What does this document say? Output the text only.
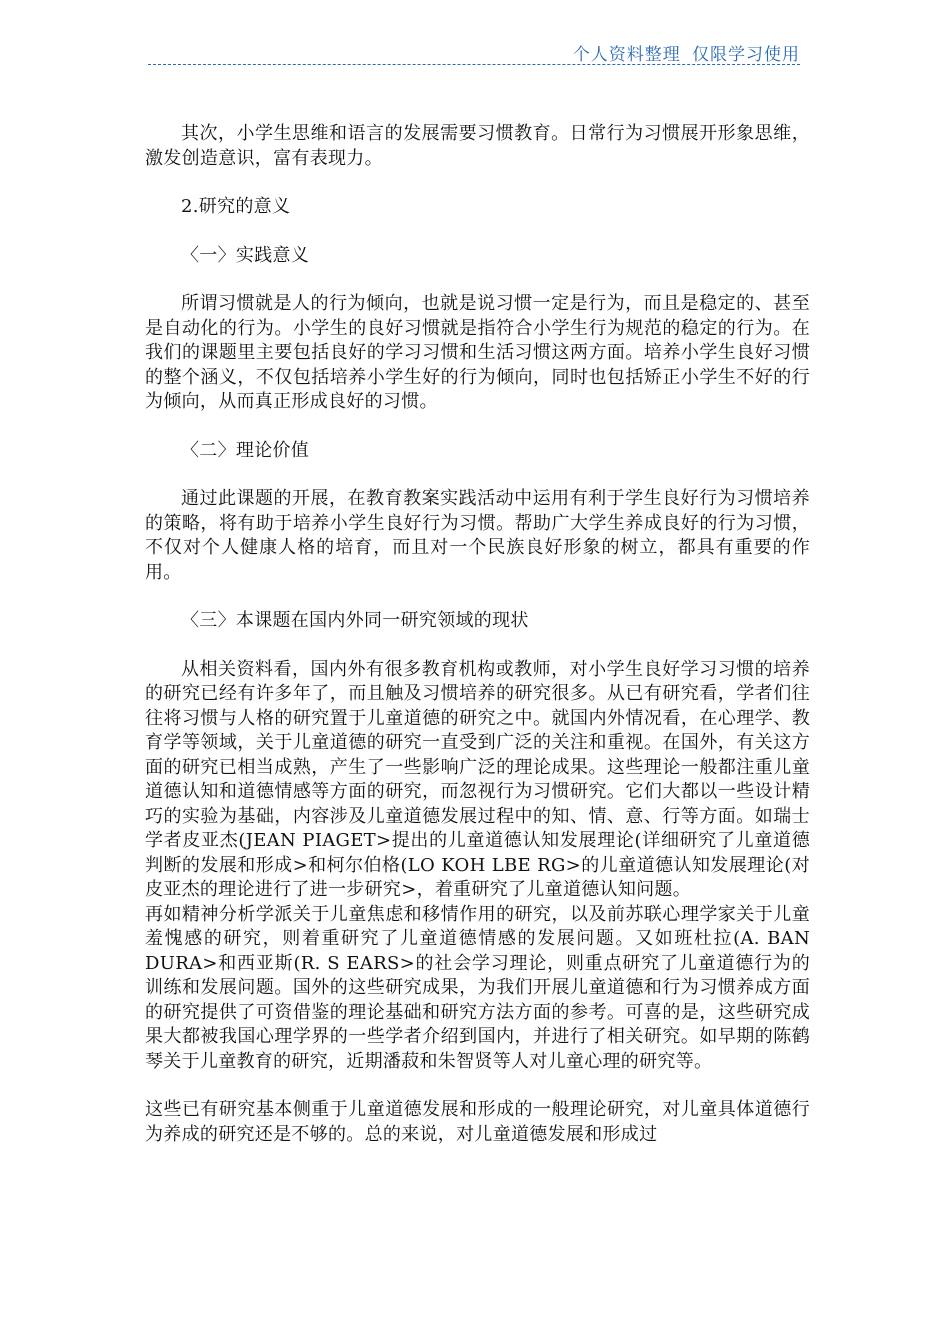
个人资料整理 仅限学习使用

其次，小学生思维和语言的发展需要习惯教育。日常行为习惯展开形象思维，激发创造意识，富有表现力。

2.研究的意义

〈一〉实践意义

所谓习惯就是人的行为倾向，也就是说习惯一定是行为，而且是稳定的、甚至是自动化的行为。小学生的良好习惯就是指符合小学生行为规范的稳定的行为。在我们的课题里主要包括良好的学习习惯和生活习惯这两方面。培养小学生良好习惯的整个涵义，不仅包括培养小学生好的行为倾向，同时也包括矫正小学生不好的行为倾向，从而真正形成良好的习惯。

〈二〉理论价值

通过此课题的开展，在教育教案实践活动中运用有利于学生良好行为习惯培养的策略，将有助于培养小学生良好行为习惯。帮助广大学生养成良好的行为习惯，不仅对个人健康人格的培育，而且对一个民族良好形象的树立，都具有重要的作用。

〈三〉本课题在国内外同一研究领域的现状

从相关资料看，国内外有很多教育机构或教师，对小学生良好学习习惯的培养的研究已经有许多年了，而且触及习惯培养的研究很多。从已有研究看，学者们往往将习惯与人格的研究置于儿童道德的研究之中。就国内外情况看，在心理学、教育学等领域，关于儿童道德的研究一直受到广泛的关注和重视。在国外，有关这方面的研究已相当成熟，产生了一些影响广泛的理论成果。这些理论一般都注重儿童道德认知和道德情感等方面的研究，而忽视行为习惯研究。它们大都以一些设计精巧的实验为基础，内容涉及儿童道德发展过程中的知、情、意、行等方面。如瑞士学者皮亚杰(JEAN PIAGET>提出的儿童道德认知发展理论(详细研究了儿童道德判断的发展和形成>和柯尔伯格(LO KOH LBE RG>的儿童道德认知发展理论(对皮亚杰的理论进行了进一步研究>，着重研究了儿童道德认知问题。

再如精神分析学派关于儿童焦虑和移情作用的研究，以及前苏联心理学家关于儿童羞愧感的研究，则着重研究了儿童道德情感的发展问题。又如班杜拉(A. BAN DURA>和西亚斯(R. S EARS>的社会学习理论，则重点研究了儿童道德行为的训练和发展问题。国外的这些研究成果，为我们开展儿童道德和行为习惯养成方面的研究提供了可资借鉴的理论基础和研究方法方面的参考。可喜的是，这些研究成果大都被我国心理学界的一些学者介绍到国内，并进行了相关研究。如早期的陈鹤琴关于儿童教育的研究，近期潘菽和朱智贤等人对儿童心理的研究等。

这些已有研究基本侧重于儿童道德发展和形成的一般理论研究，对儿童具体道德行为养成的研究还是不够的。总的来说，对儿童道德发展和形成过
